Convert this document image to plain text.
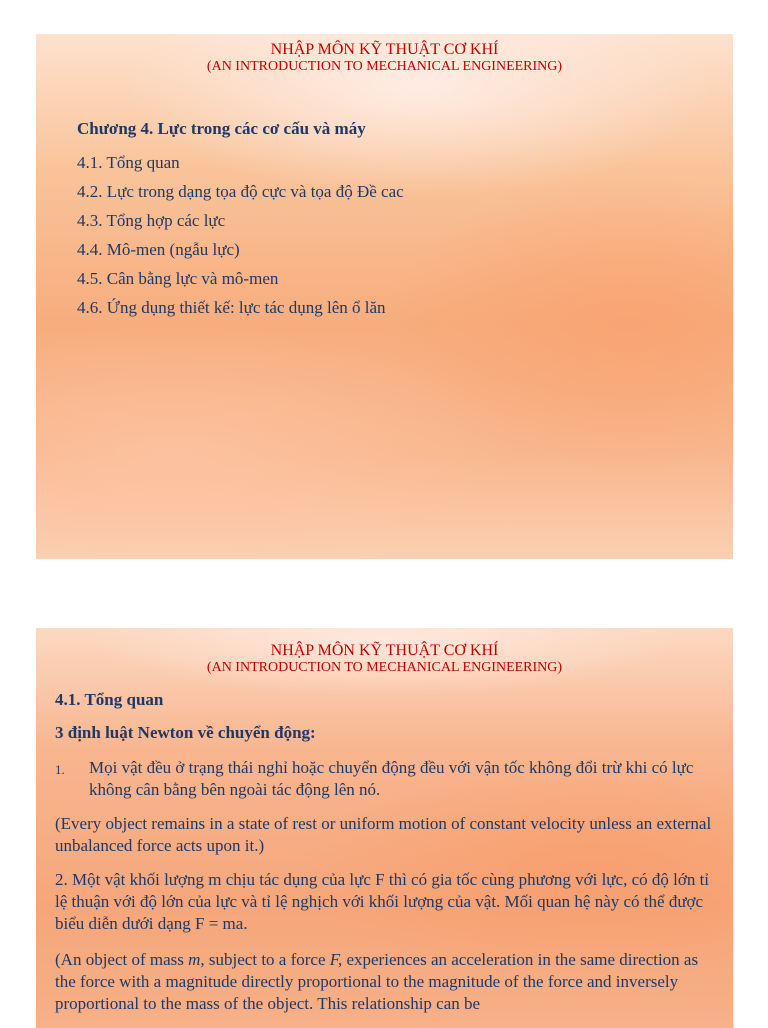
NHẬP MÔN KỸ THUẬT CƠ KHÍ
(AN INTRODUCTION TO MECHANICAL ENGINEERING)
Chương 4. Lực trong các cơ cấu và máy
4.1. Tổng quan
4.2. Lực trong dạng tọa độ cực và tọa độ Đề cac
4.3. Tổng hợp các lực
4.4. Mô-men (ngẫu lực)
4.5. Cân bằng lực và mô-men
4.6. Ứng dụng thiết kế: lực tác dụng lên ổ lăn
NHẬP MÔN KỸ THUẬT CƠ KHÍ
(AN INTRODUCTION TO MECHANICAL ENGINEERING)
4.1. Tổng quan
3 định luật Newton về chuyển động:
1. Mọi vật đều ở trạng thái nghỉ hoặc chuyển động đều với vận tốc không đổi trừ khi có lực không cân bằng bên ngoài tác động lên nó.
(Every object remains in a state of rest or uniform motion of constant velocity unless an external unbalanced force acts upon it.)
2. Một vật khối lượng m chịu tác dụng của lực F thì có gia tốc cùng phương với lực, có độ lớn tỉ lệ thuận với độ lớn của lực và tỉ lệ nghịch với khối lượng của vật. Mối quan hệ này có thể được biểu diễn dưới dạng F = ma.
(An object of mass m, subject to a force F, experiences an acceleration in the same direction as the force with a magnitude directly proportional to the magnitude of the force and inversely proportional to the mass of the object. This relationship can be
